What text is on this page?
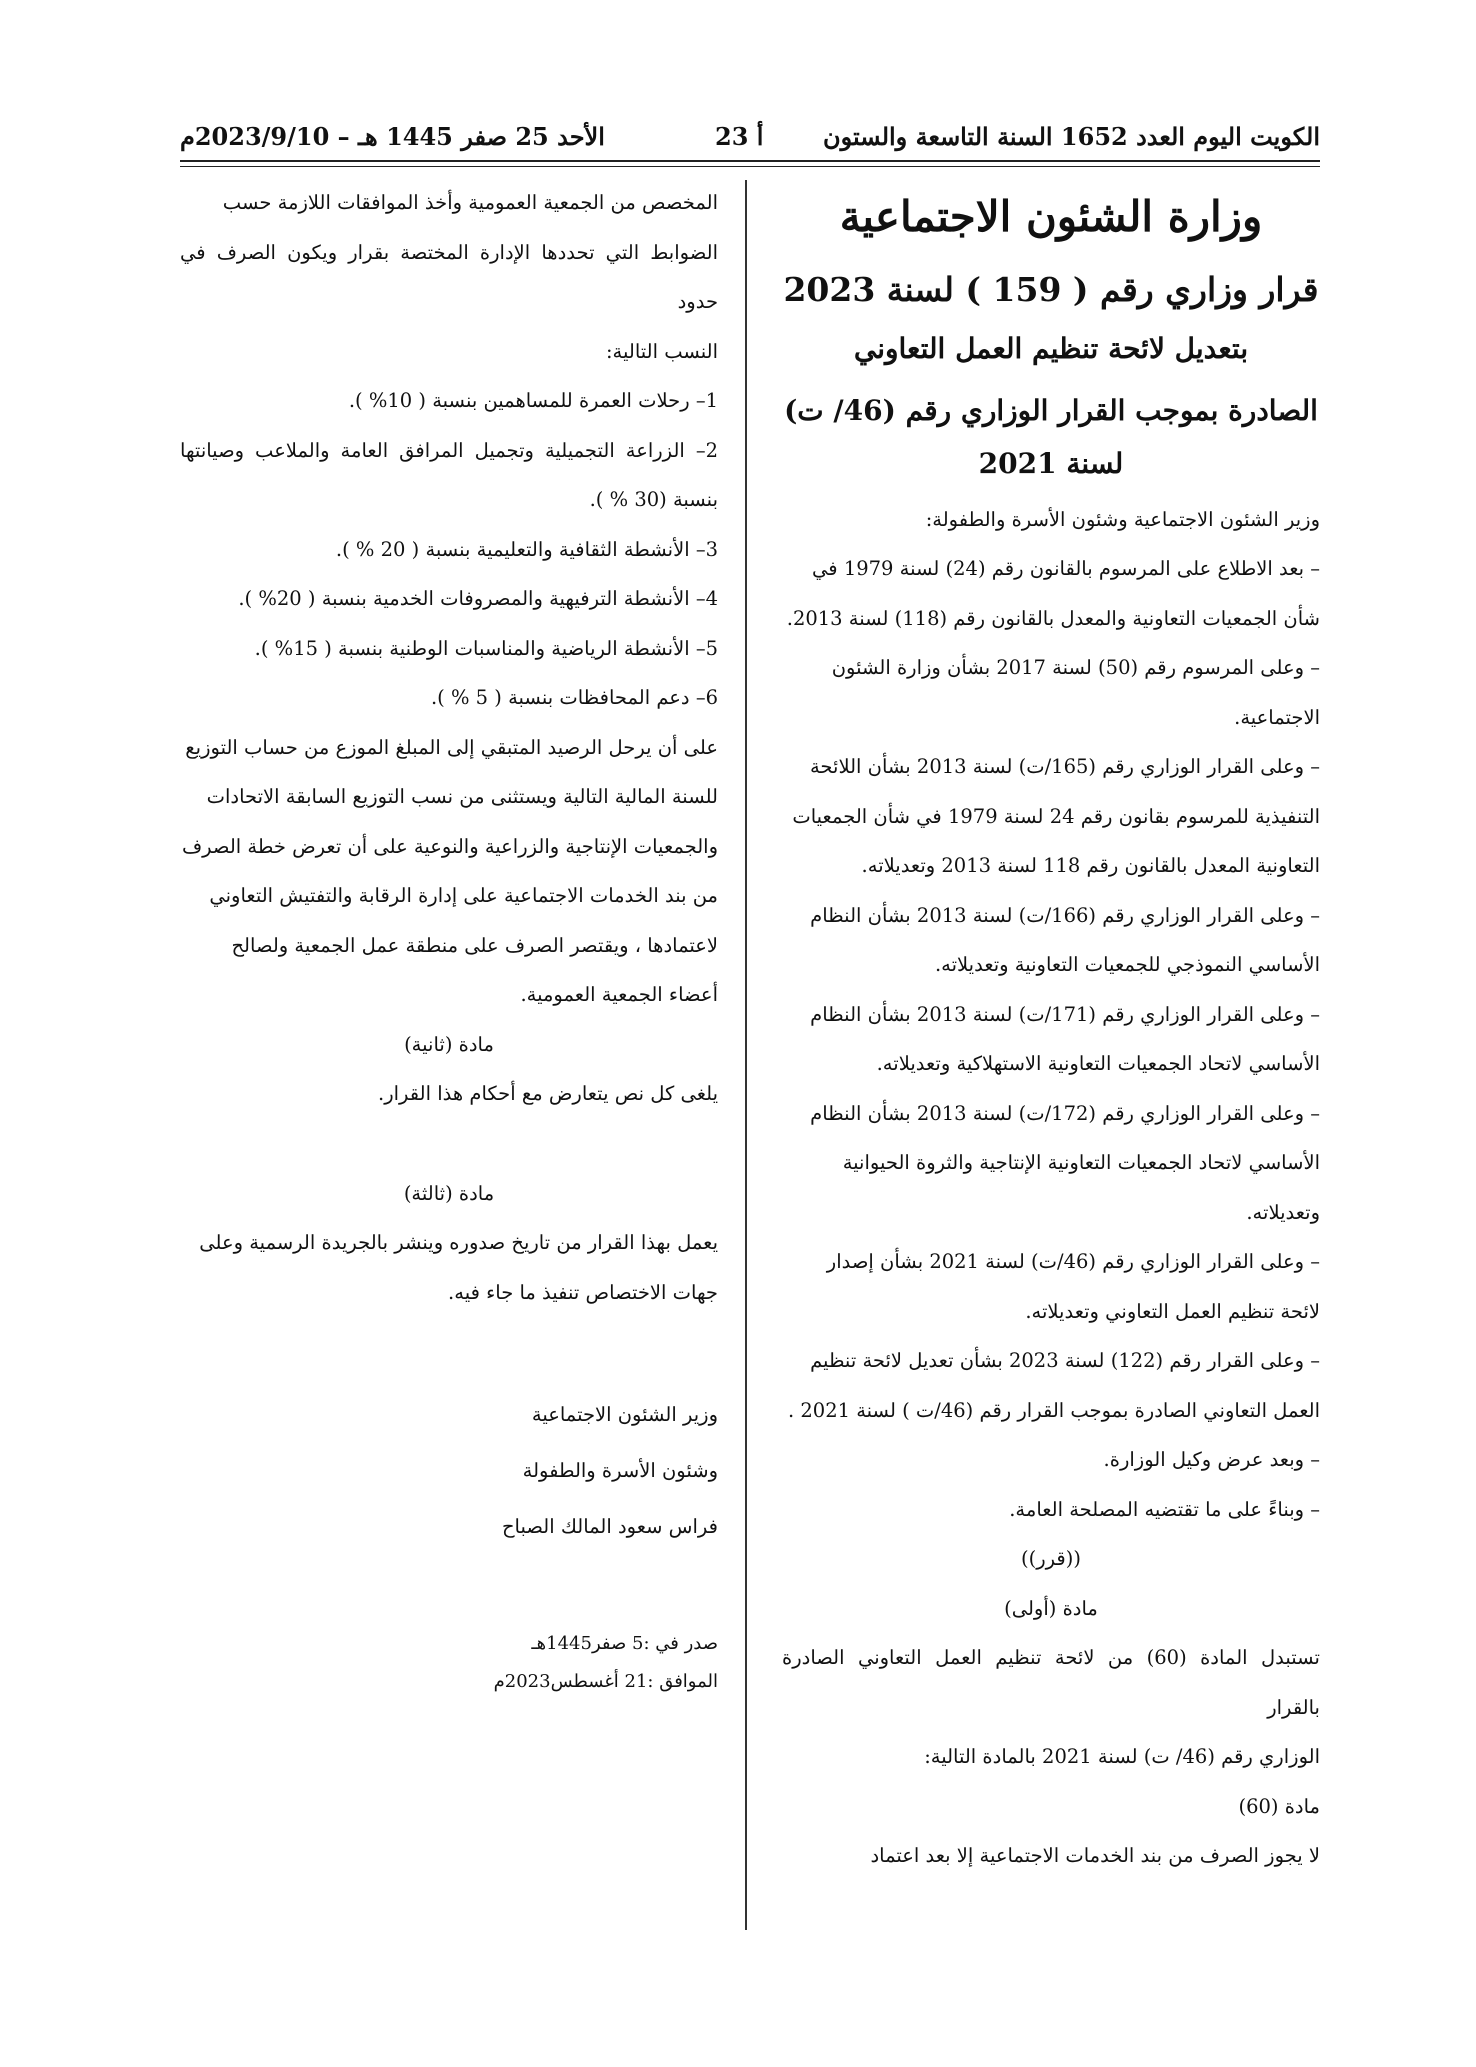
الأحد 25 صفر 1445 هـ – 2023/9/10م	أ 23 الكويت اليوم العدد 1652 السنة التاسعة والستون
وزارة الشئون الاجتماعية
قرار وزاري رقم ( 159 ) لسنة 2023
بتعديل لائحة تنظيم العمل التعاوني
الصادرة بموجب القرار الوزاري رقم (46/ ت) لسنة 2021

وزير الشئون الاجتماعية وشئون الأسرة والطفولة:

– بعد الاطلاع على المرسوم بالقانون رقم (24) لسنة 1979 في

شأن الجمعيات التعاونية والمعدل بالقانون رقم (118) لسنة 2013.

– وعلى المرسوم رقم (50) لسنة 2017 بشأن وزارة الشئون

الاجتماعية.

– وعلى القرار الوزاري رقم (165/ت) لسنة 2013 بشأن اللائحة

التنفيذية للمرسوم بقانون رقم 24 لسنة 1979 في شأن الجمعيات

التعاونية المعدل بالقانون رقم 118 لسنة 2013 وتعديلاته.

– وعلى القرار الوزاري رقم (166/ت) لسنة 2013 بشأن النظام

الأساسي النموذجي للجمعيات التعاونية وتعديلاته.

– وعلى القرار الوزاري رقم (171/ت) لسنة 2013 بشأن النظام

الأساسي لاتحاد الجمعيات التعاونية الاستهلاكية وتعديلاته.

– وعلى القرار الوزاري رقم (172/ت) لسنة 2013 بشأن النظام

الأساسي لاتحاد الجمعيات التعاونية الإنتاجية والثروة الحيوانية

وتعديلاته.

– وعلى القرار الوزاري رقم (46/ت) لسنة 2021 بشأن إصدار

لائحة تنظيم العمل التعاوني وتعديلاته.

– وعلى القرار رقم (122) لسنة 2023 بشأن تعديل لائحة تنظيم

العمل التعاوني الصادرة بموجب القرار رقم (46/ت ) لسنة 2021 .

– وبعد عرض وكيل الوزارة.

– وبناءً على ما تقتضيه المصلحة العامة.

((قرر))

مادة (أولى)

تستبدل المادة (60) من لائحة تنظيم العمل التعاوني الصادرة بالقرار

الوزاري رقم (46/ ت) لسنة 2021 بالمادة التالية:

مادة (60)

لا يجوز الصرف من بند الخدمات الاجتماعية إلا بعد اعتماد

المخصص من الجمعية العمومية وأخذ الموافقات اللازمة حسب

الضوابط التي تحددها الإدارة المختصة بقرار ويكون الصرف في حدود

النسب التالية:

1– رحلات العمرة للمساهمين بنسبة ( 10% ).

2– الزراعة التجميلية وتجميل المرافق العامة والملاعب وصيانتها بنسبة (30 % ).

3– الأنشطة الثقافية والتعليمية بنسبة ( 20 % ).

4– الأنشطة الترفيهية والمصروفات الخدمية بنسبة ( 20% ).

5– الأنشطة الرياضية والمناسبات الوطنية بنسبة ( 15% ).

6– دعم المحافظات بنسبة ( 5 % ).

على أن يرحل الرصيد المتبقي إلى المبلغ الموزع من حساب التوزيع

للسنة المالية التالية ويستثنى من نسب التوزيع السابقة الاتحادات

والجمعيات الإنتاجية والزراعية والنوعية على أن تعرض خطة الصرف

من بند الخدمات الاجتماعية على إدارة الرقابة والتفتيش التعاوني

لاعتمادها ، ويقتصر الصرف على منطقة عمل الجمعية ولصالح

أعضاء الجمعية العمومية.

مادة (ثانية)

يلغى كل نص يتعارض مع أحكام هذا القرار.

مادة (ثالثة)

يعمل بهذا القرار من تاريخ صدوره وينشر بالجريدة الرسمية وعلى

جهات الاختصاص تنفيذ ما جاء فيه.

وزير الشئون الاجتماعية

وشئون الأسرة والطفولة

فراس سعود المالك الصباح

صدر في :5 صفر1445هـ

الموافق :21 أغسطس2023م
